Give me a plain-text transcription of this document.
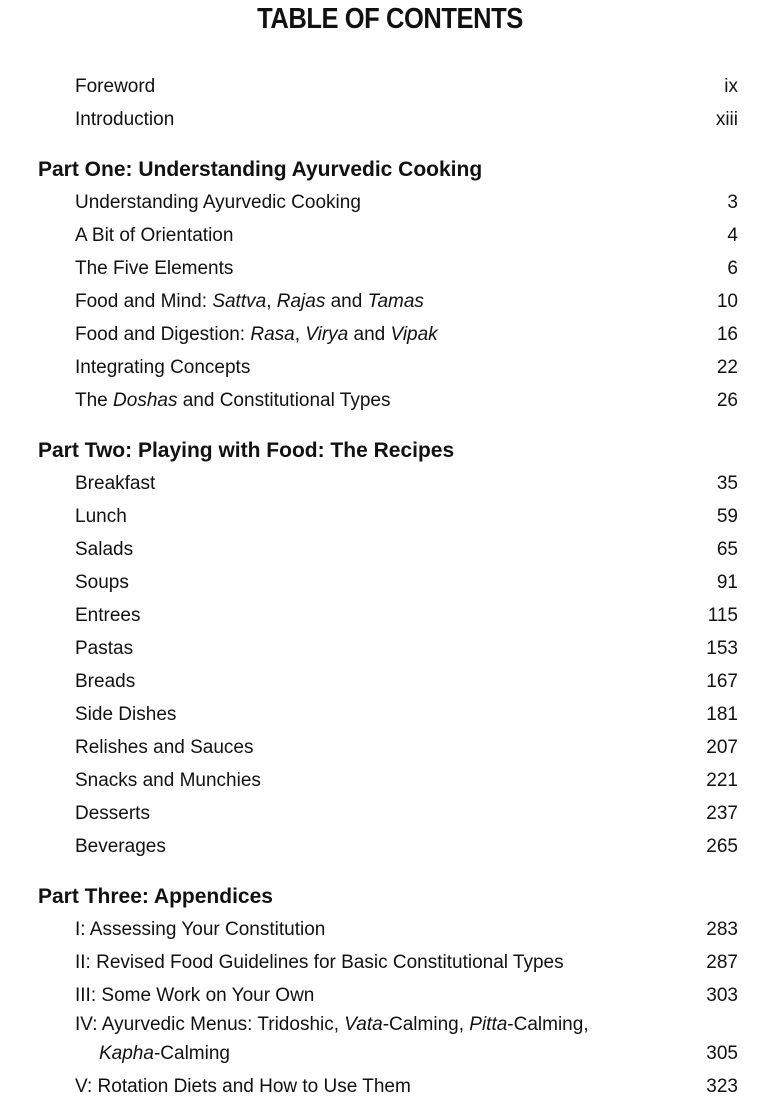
TABLE OF CONTENTS
Foreword	ix
Introduction	xiii
Part One: Understanding Ayurvedic Cooking
Understanding Ayurvedic Cooking	3
A Bit of Orientation	4
The Five Elements	6
Food and Mind: Sattva, Rajas and Tamas	10
Food and Digestion: Rasa, Virya and Vipak	16
Integrating Concepts	22
The Doshas and Constitutional Types	26
Part Two: Playing with Food: The Recipes
Breakfast	35
Lunch	59
Salads	65
Soups	91
Entrees	115
Pastas	153
Breads	167
Side Dishes	181
Relishes and Sauces	207
Snacks and Munchies	221
Desserts	237
Beverages	265
Part Three: Appendices
I: Assessing Your Constitution	283
II: Revised Food Guidelines for Basic Constitutional Types	287
III: Some Work on Your Own	303
IV: Ayurvedic Menus: Tridoshic, Vata-Calming, Pitta-Calming,
Kapha-Calming	305
V: Rotation Diets and How to Use Them	323
